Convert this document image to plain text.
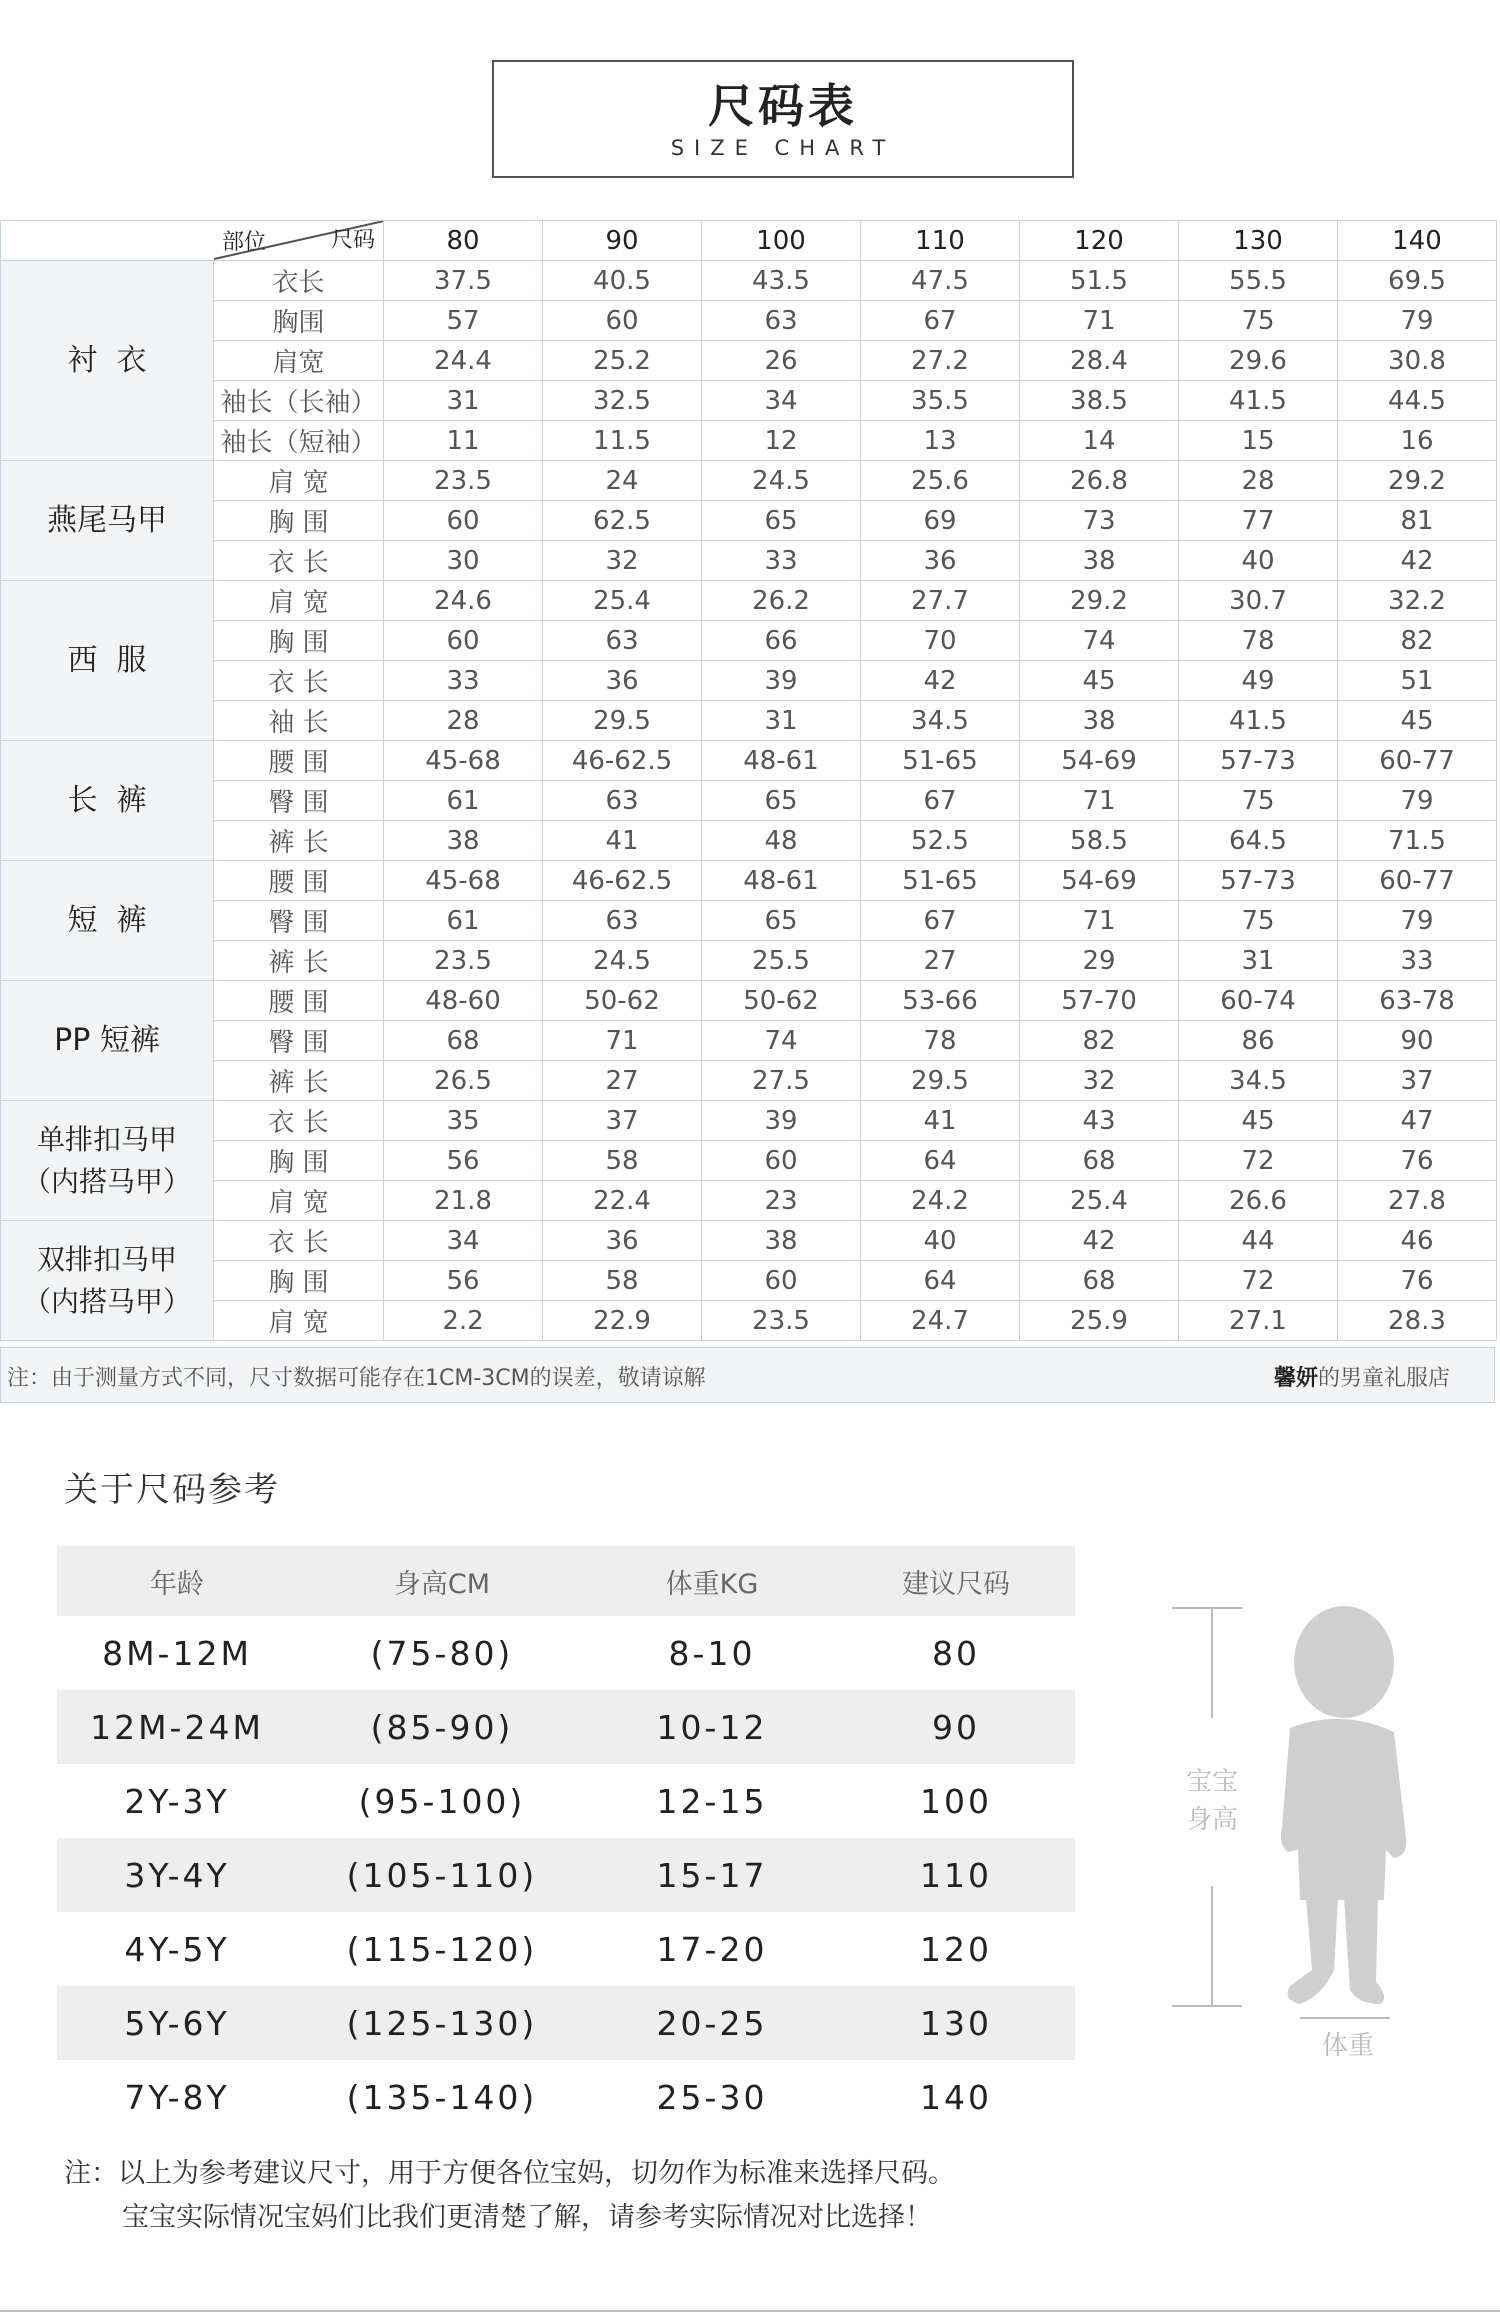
尺码表
SIZE CHART
部位 尺码		80	90	100	110	120	130	140

衬  衣	衣长	37.5	40.5	43.5	47.5	51.5	55.5	69.5
	胸围	57	60	63	67	71	75	79
	肩宽	24.4	25.2	26	27.2	28.4	29.6	30.8
	袖长（长袖）	31	32.5	34	35.5	38.5	41.5	44.5
	袖长（短袖）	11	11.5	12	13	14	15	16

燕尾马甲	肩 宽	23.5	24	24.5	25.6	26.8	28	29.2
	胸 围	60	62.5	65	69	73	77	81
	衣 长	30	32	33	36	38	40	42

西  服	肩 宽	24.6	25.4	26.2	27.7	29.2	30.7	32.2
	胸 围	60	63	66	70	74	78	82
	衣 长	33	36	39	42	45	49	51
	袖 长	28	29.5	31	34.5	38	41.5	45

长  裤	腰 围	45-68	46-62.5	48-61	51-65	54-69	57-73	60-77
	臀 围	61	63	65	67	71	75	79
	裤 长	38	41	48	52.5	58.5	64.5	71.5

短  裤	腰 围	45-68	46-62.5	48-61	51-65	54-69	57-73	60-77
	臀 围	61	63	65	67	71	75	79
	裤 长	23.5	24.5	25.5	27	29	31	33

PP 短裤	腰 围	48-60	50-62	50-62	53-66	57-70	60-74	63-78
	臀 围	68	71	74	78	82	86	90
	裤 长	26.5	27	27.5	29.5	32	34.5	37

单排扣马甲
（内搭马甲）	衣 长	35	37	39	41	43	45	47
	胸 围	56	58	60	64	68	72	76
	肩 宽	21.8	22.4	23	24.2	25.4	26.6	27.8

双排扣马甲
（内搭马甲）	衣 长	34	36	38	40	42	44	46
	胸 围	56	58	60	64	68	72	76
	肩 宽	2.2	22.9	23.5	24.7	25.9	27.1	28.3
注：由于测量方式不同，尺寸数据可能存在1CM-3CM的误差，敬请谅解	馨妍的男童礼服店
关于尺码参考
年龄	身高CM	体重KG	建议尺码
8M-12M	(75-80)	8-10	80
12M-24M	(85-90)	10-12	90
2Y-3Y	(95-100)	12-15	100
3Y-4Y	(105-110)	15-17	110
4Y-5Y	(115-120)	17-20	120
5Y-6Y	(125-130)	20-25	130
7Y-8Y	(135-140)	25-30	140
注：以上为参考建议尺寸，用于方便各位宝妈，切勿作为标准来选择尺码。
宝宝实际情况宝妈们比我们更清楚了解，请参考实际情况对比选择！
宝宝
身高
体重
